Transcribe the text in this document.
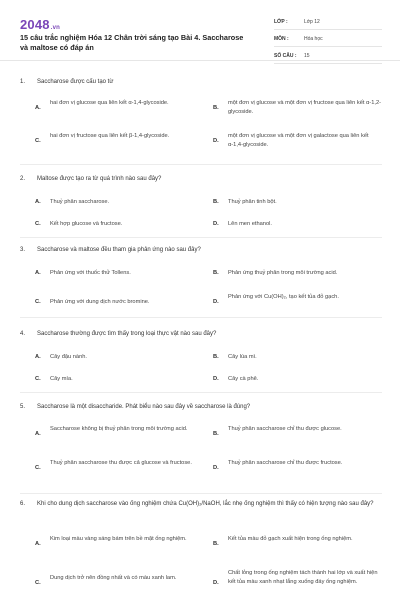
2048.vn
15 câu trắc nghiệm Hóa 12 Chân trời sáng tạo Bài 4. Saccharose và maltose có đáp án
LỚP :	Lớp 12
MÔN :	Hóa học
SỐ CÂU : 15
1. Saccharose được cấu tạo từ
A.
hai đơn vị glucose qua liên kết α-1,4-glycoside.
B.
một đơn vị glucose và một đơn vị fructose qua liên kết α-1,2-glycoside.
C.
hai đơn vị fructose qua liên kết β-1,4-glycoside.
D.
một đơn vị glucose và một đơn vị galactose qua liên kết α-1,4-glycoside.
2. Maltose được tạo ra từ quá trình nào sau đây?
A.	Thuỷ phân saccharose.	B.	Thuỷ phân tinh bột.
C.	Kết hợp glucose và fructose.	D.	Lên men ethanol.
3. Saccharose và maltose đều tham gia phản ứng nào sau đây?
A.	Phản ứng với thuốc thử Tollens.	B.	Phản ứng thuỷ phân trong môi trường acid.
C.	Phản ứng với dung dịch nước bromine.	D.
Phản ứng với Cu(OH)₂, tạo kết tủa đỏ gạch.
4. Saccharose thường được tìm thấy trong loại thực vật nào sau đây?
A.	Cây đậu nành.	B.	Cây lúa mì.
C.	Cây mía.	D.	Cây cà phê.
5. Saccharose là một disaccharide. Phát biểu nào sau đây về saccharose là đúng?
A.
Saccharose không bị thuỷ phân trong môi trường acid.
B.
Thuỷ phân saccharose chỉ thu được glucose.
C.
Thuỷ phân saccharose thu được cả glucose và fructose.
D.
Thuỷ phân saccharose chỉ thu được fructose.
6. Khi cho dung dịch saccharose vào ống nghiệm chứa Cu(OH)₂/NaOH, lắc nhẹ ống nghiệm thì thấy có hiện tượng nào sau đây?
A.
Kim loại màu vàng sáng bám trên bề mặt ống nghiệm.
B.
Kết tủa màu đỏ gạch xuất hiện trong ống nghiệm.
C.
Dung dịch trở nên đồng nhất và có màu xanh lam.
D.
Chất lỏng trong ống nghiệm tách thành hai lớp và xuất hiện kết tủa màu xanh nhạt lắng xuống đáy ống nghiệm.
